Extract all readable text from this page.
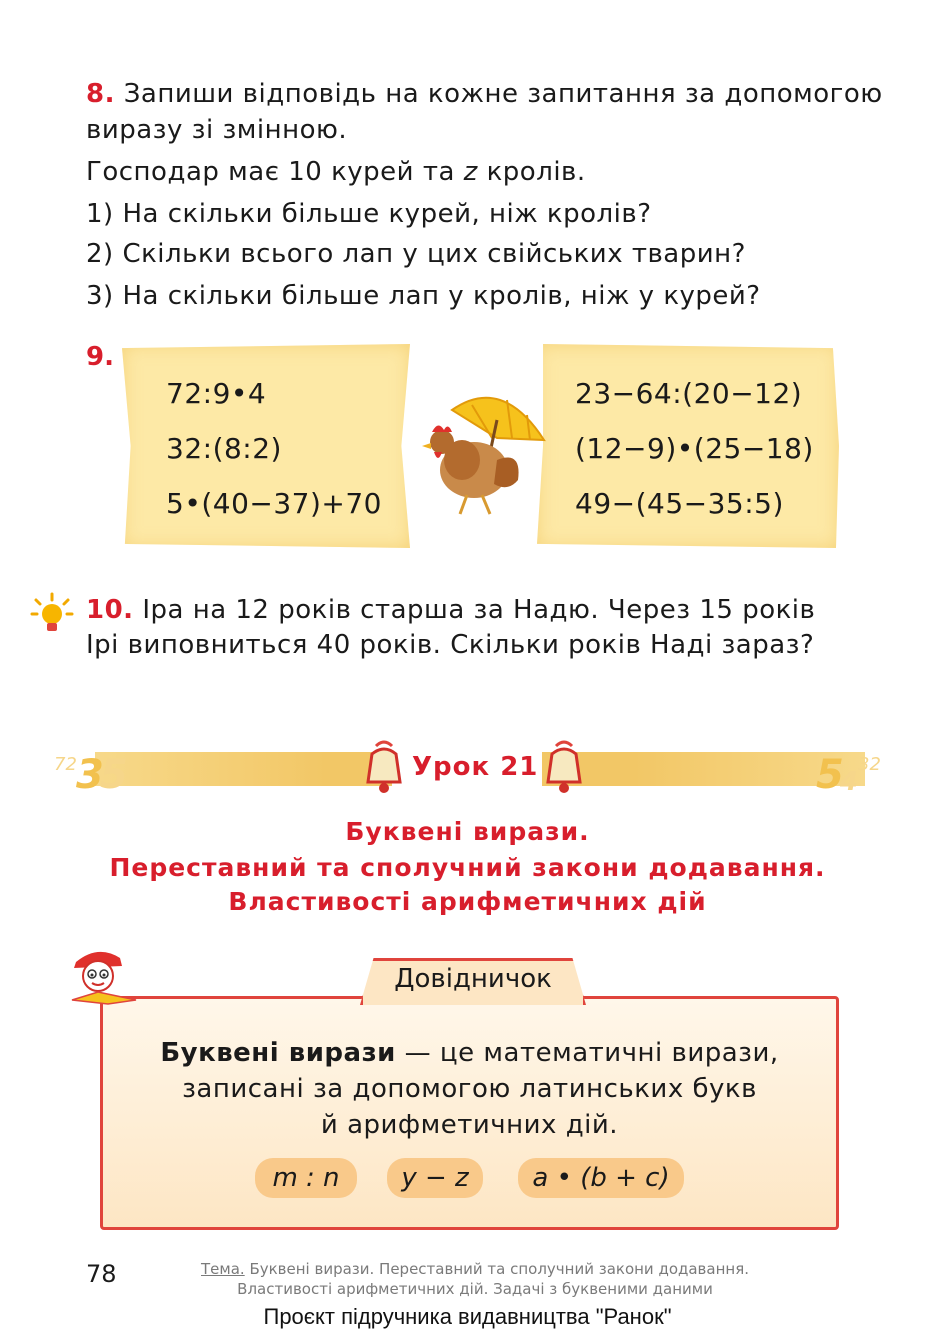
8. Запиши відповідь на кожне запитання за допомогою
виразу зі змінною.
Господар має 10 курей та z кролів.
1) На скільки більше курей, ніж кролів?
2) Скільки всього лап у цих свійських тварин?
3) На скільки більше лап у кролів, ніж у курей?
9.
72:9•4
32:(8:2)
5•(40−37)+70
23−64:(20−12)
(12−9)•(25−18)
49−(45−35:5)
10. Іра на 12 років старша за Надю. Через 15 років
Ірі виповниться 40 років. Скільки років Наді зараз?
72 3
5	5
4
32
Урок 21
Буквені вирази.
Переставний та сполучний закони додавання.
Властивості арифметичних дій
Довідничок
Буквені вирази — це математичні вирази,
записані за допомогою латинських букв
й арифметичних дій.
m : n	y − z	a • (b + c)
78	Тема. Буквені вирази. Переставний та сполучний закони додавання.
Властивості арифметичних дій. Задачі з буквеними даними
Проєкт підручника видавництва "Ранок"
